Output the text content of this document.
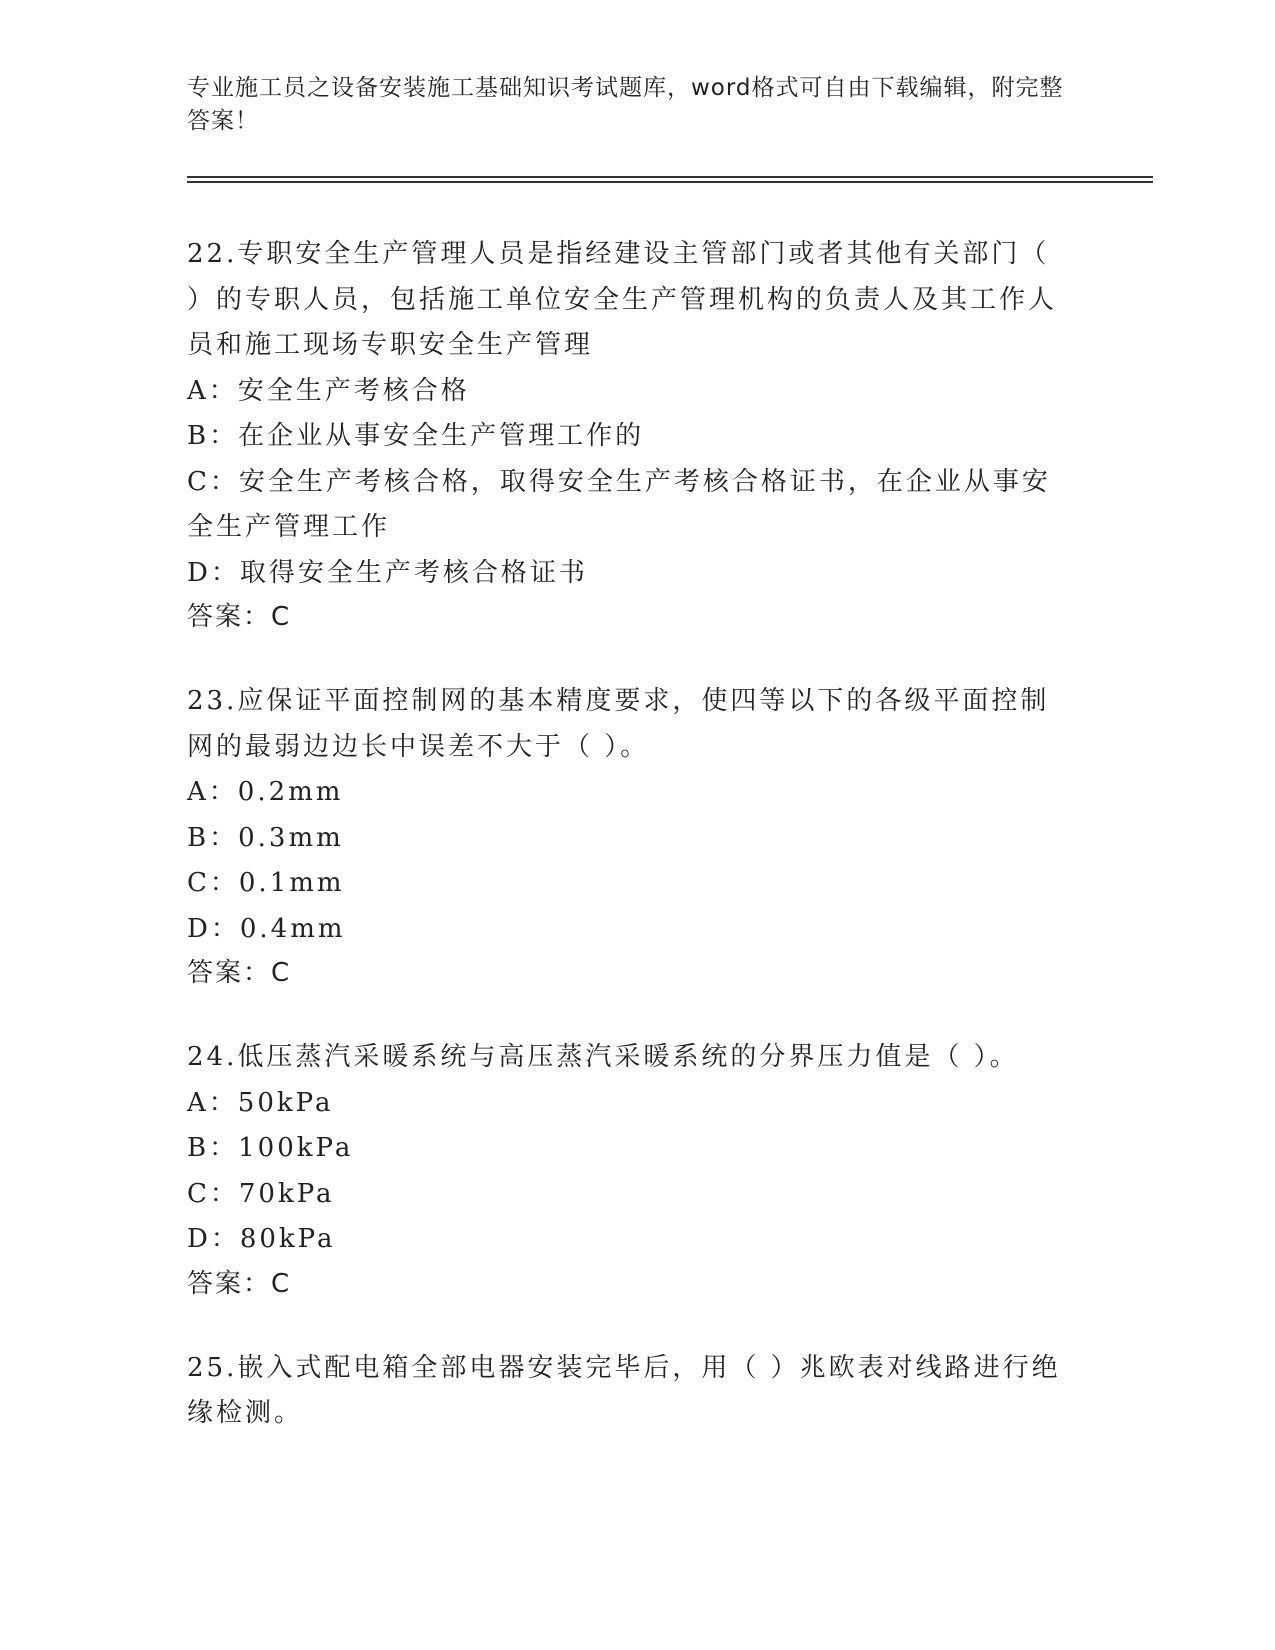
专业施工员之设备安装施工基础知识考试题库，word格式可自由下载编辑，附完整答案！

22.专职安全生产管理人员是指经建设主管部门或者其他有关部门（ ）的专职人员，包括施工单位安全生产管理机构的负责人及其工作人员和施工现场专职安全生产管理

A：安全生产考核合格

B：在企业从事安全生产管理工作的

C：安全生产考核合格，取得安全生产考核合格证书，在企业从事安全生产管理工作

D：取得安全生产考核合格证书

答案：C

23.应保证平面控制网的基本精度要求，使四等以下的各级平面控制网的最弱边边长中误差不大于（ ）。

A：0.2mm

B：0.3mm

C：0.1mm

D：0.4mm

答案：C

24.低压蒸汽采暖系统与高压蒸汽采暖系统的分界压力值是（ ）。

A：50kPa

B：100kPa

C：70kPa

D：80kPa

答案：C

25.嵌入式配电箱全部电器安装完毕后，用（ ）兆欧表对线路进行绝缘检测。
